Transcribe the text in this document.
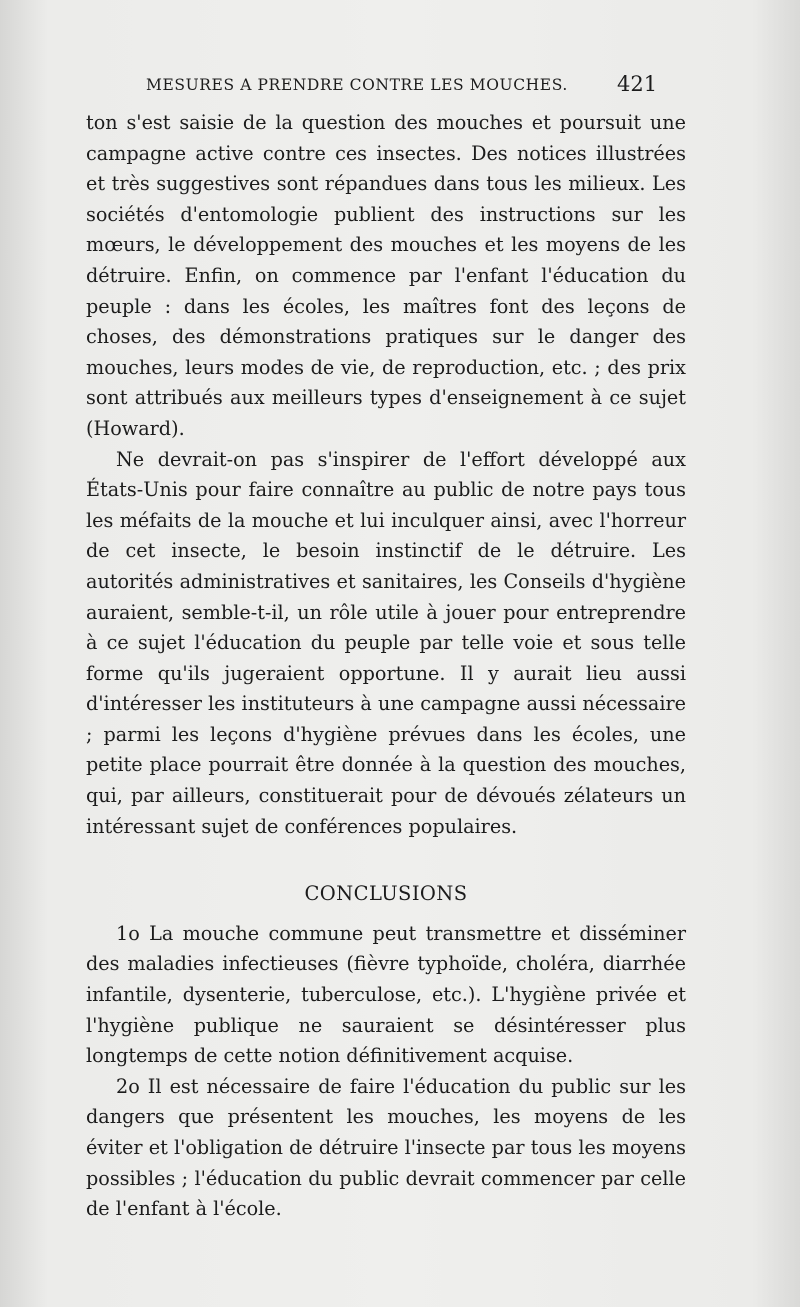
MESURES A PRENDRE CONTRE LES MOUCHES. 421

ton s'est saisie de la question des mouches et poursuit une campagne active contre ces insectes. Des notices illustrées et très suggestives sont répandues dans tous les milieux. Les sociétés d'entomologie publient des instructions sur les mœurs, le développement des mouches et les moyens de les détruire. Enfin, on commence par l'enfant l'éducation du peuple : dans les écoles, les maîtres font des leçons de choses, des démonstrations pratiques sur le danger des mouches, leurs modes de vie, de reproduction, etc. ; des prix sont attribués aux meilleurs types d'enseignement à ce sujet (Howard).

Ne devrait-on pas s'inspirer de l'effort développé aux États-Unis pour faire connaître au public de notre pays tous les méfaits de la mouche et lui inculquer ainsi, avec l'horreur de cet insecte, le besoin instinctif de le détruire. Les autorités administratives et sanitaires, les Conseils d'hygiène auraient, semble-t-il, un rôle utile à jouer pour entreprendre à ce sujet l'éducation du peuple par telle voie et sous telle forme qu'ils jugeraient opportune. Il y aurait lieu aussi d'intéresser les instituteurs à une campagne aussi nécessaire ; parmi les leçons d'hygiène prévues dans les écoles, une petite place pourrait être donnée à la question des mouches, qui, par ailleurs, constituerait pour de dévoués zélateurs un intéressant sujet de conférences populaires.

CONCLUSIONS

1o La mouche commune peut transmettre et disséminer des maladies infectieuses (fièvre typhoïde, choléra, diarrhée infantile, dysenterie, tuberculose, etc.). L'hygiène privée et l'hygiène publique ne sauraient se désintéresser plus longtemps de cette notion définitivement acquise.

2o Il est nécessaire de faire l'éducation du public sur les dangers que présentent les mouches, les moyens de les éviter et l'obligation de détruire l'insecte par tous les moyens possibles ; l'éducation du public devrait commencer par celle de l'enfant à l'école.
